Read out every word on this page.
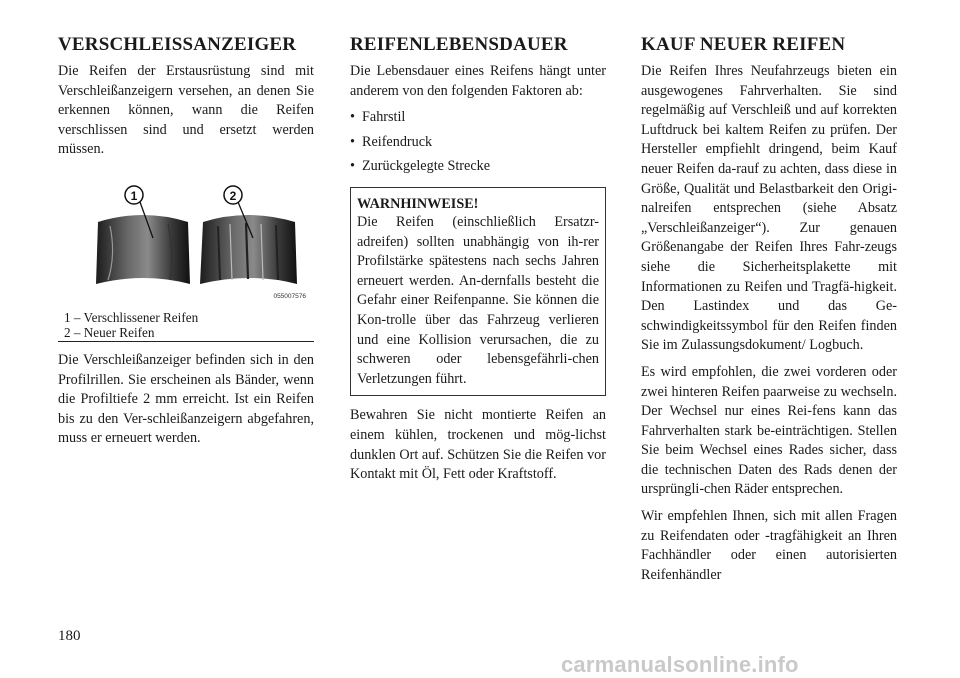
VERSCHLEISSANZEIGER

Die Reifen der Erstausrüstung sind mit Verschleißanzeigern versehen, an denen Sie erkennen können, wann die Reifen verschlissen sind und ersetzt werden müssen.

1	2
055007576
1 – Verschlissener Reifen
2 – Neuer Reifen

Die Verschleißanzeiger befinden sich in den Profilrillen. Sie erscheinen als Bänder, wenn die Profiltiefe 2 mm erreicht. Ist ein Reifen bis zu den Ver-schleißanzeigern abgefahren, muss er erneuert werden.

REIFENLEBENSDAUER

Die Lebensdauer eines Reifens hängt unter anderem von den folgenden Faktoren ab:

• Fahrstil
• Reifendruck
• Zurückgelegte Strecke
WARNHINWEISE!

Die Reifen (einschließlich Ersatzr-adreifen) sollten unabhängig von ih-rer Profilstärke spätestens nach sechs Jahren erneuert werden. An-dernfalls besteht die Gefahr einer Reifenpanne. Sie können die Kon-trolle über das Fahrzeug verlieren und eine Kollision verursachen, die zu schweren oder lebensgefährli-chen Verletzungen führt.

Bewahren Sie nicht montierte Reifen an einem kühlen, trockenen und mög-lichst dunklen Ort auf. Schützen Sie die Reifen vor Kontakt mit Öl, Fett oder Kraftstoff.

KAUF NEUER REIFEN

Die Reifen Ihres Neufahrzeugs bieten ein ausgewogenes Fahrverhalten. Sie sind regelmäßig auf Verschleiß und auf korrekten Luftdruck bei kaltem Reifen zu prüfen. Der Hersteller empfiehlt dringend, beim Kauf neuer Reifen da-rauf zu achten, dass diese in Größe, Qualität und Belastbarkeit den Origi-nalreifen entsprechen (siehe Absatz „Verschleißanzeiger“). Zur genauen Größenangabe der Reifen Ihres Fahr-zeugs siehe die Sicherheitsplakette mit Informationen zu Reifen und Tragfä-higkeit. Den Lastindex und das Ge-schwindigkeitssymbol für den Reifen finden Sie im Zulassungsdokument/ Logbuch.

Es wird empfohlen, die zwei vorderen oder zwei hinteren Reifen paarweise zu wechseln. Der Wechsel nur eines Rei-fens kann das Fahrverhalten stark be-einträchtigen. Stellen Sie beim Wechsel eines Rades sicher, dass die technischen Daten des Rads denen der ursprüngli-chen Räder entsprechen.

Wir empfehlen Ihnen, sich mit allen Fragen zu Reifendaten oder -tragfähigkeit an Ihren Fachhändler oder einen autorisierten Reifenhändler

180
carmanualsonline.info
